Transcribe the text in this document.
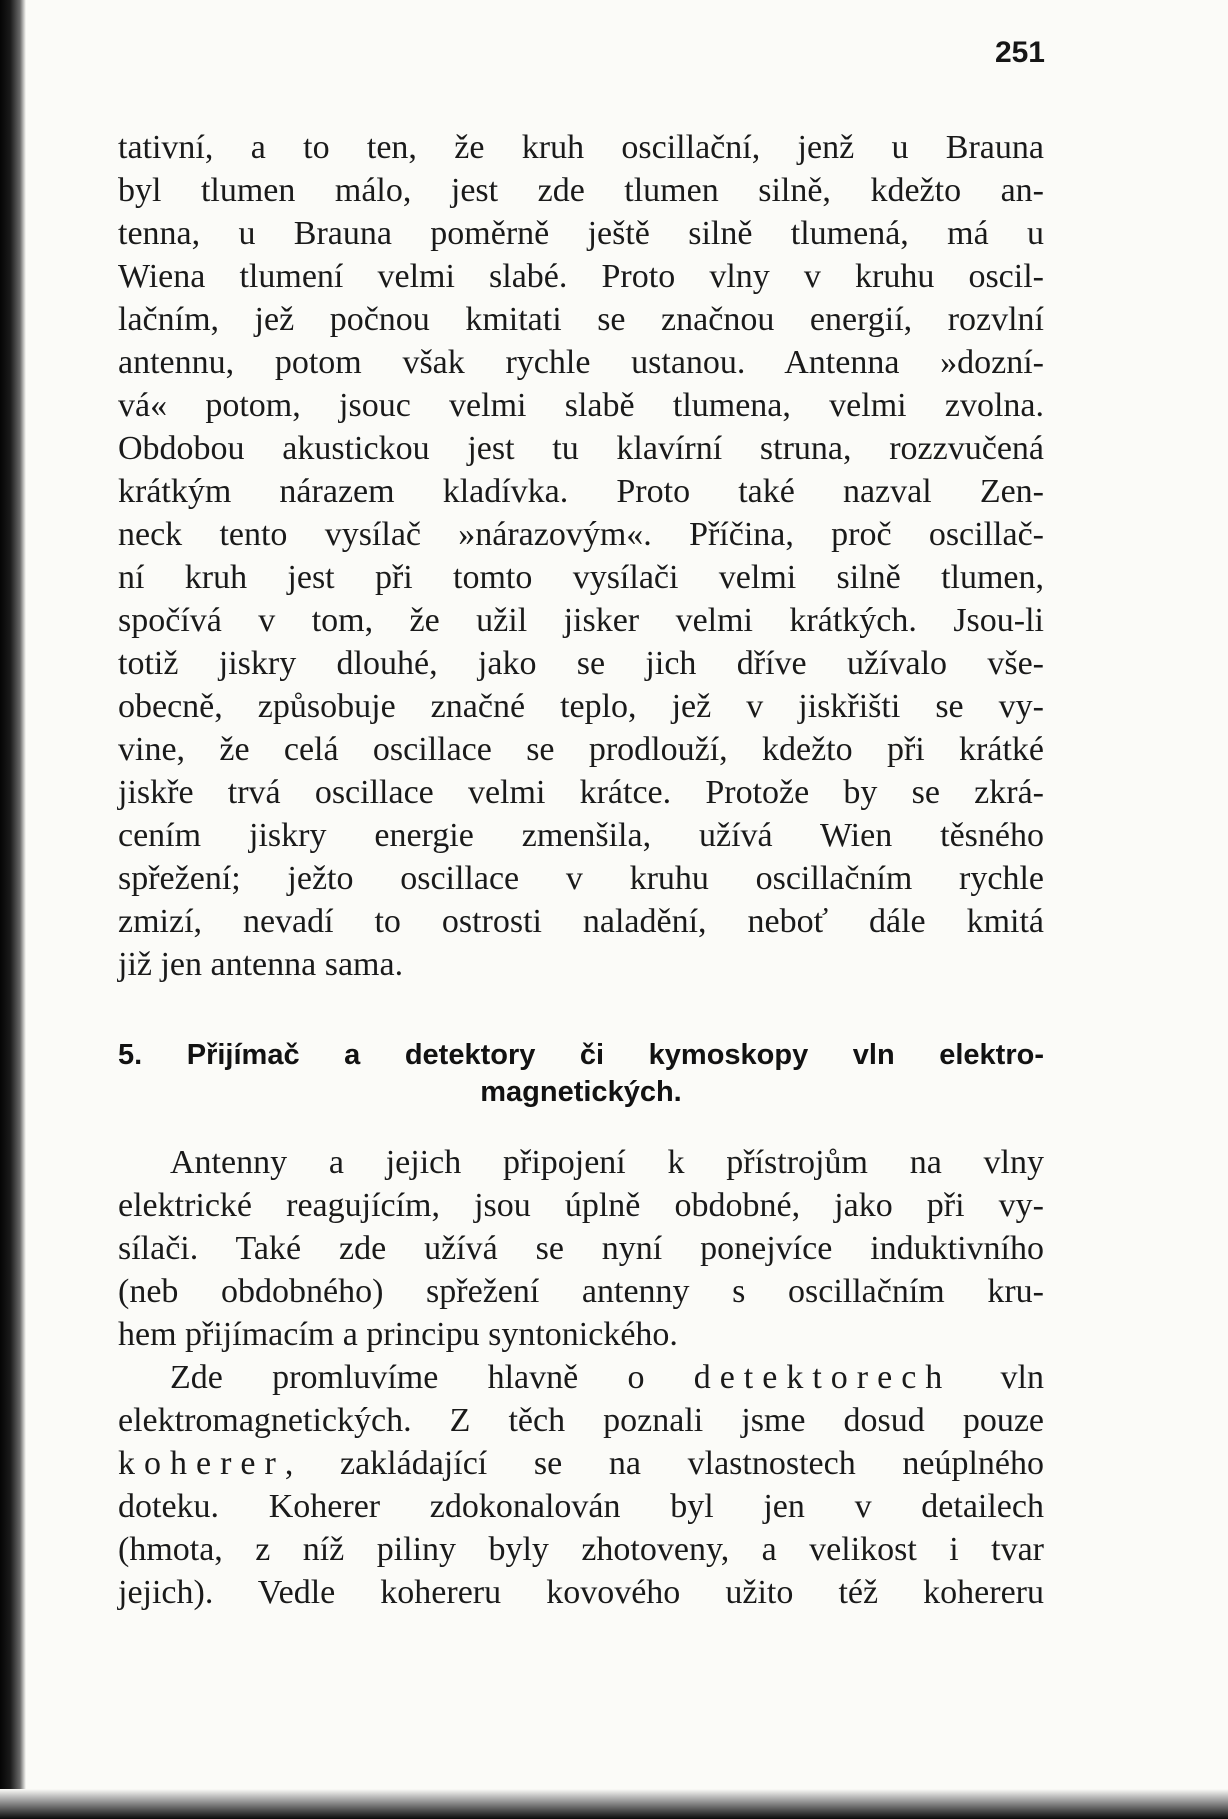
251
tativní, a to ten, že kruh oscillační, jenž u Brauna
byl tlumen málo, jest zde tlumen silně, kdežto an-
tenna, u Brauna poměrně ještě silně tlumená, má u
Wiena tlumení velmi slabé. Proto vlny v kruhu oscil-
lačním, jež počnou kmitati se značnou energií, rozvlní
antennu, potom však rychle ustanou. Antenna »dozní-
vá« potom, jsouc velmi slabě tlumena, velmi zvolna.
Obdobou akustickou jest tu klavírní struna, rozzvučená
krátkým nárazem kladívka. Proto také nazval Zen-
neck tento vysílač »nárazovým«. Příčina, proč oscillač-
ní kruh jest při tomto vysílači velmi silně tlumen,
spočívá v tom, že užil jisker velmi krátkých. Jsou-li
totiž jiskry dlouhé, jako se jich dříve užívalo vše-
obecně, způsobuje značné teplo, jež v jiskřišti se vy-
vine, že celá oscillace se prodlouží, kdežto při krátké
jiskře trvá oscillace velmi krátce. Protože by se zkrá-
cením jiskry energie zmenšila, užívá Wien těsného
spřežení; ježto oscillace v kruhu oscillačním rychle
zmizí, nevadí to ostrosti naladění, neboť dále kmitá
již jen antenna sama.
5. Přijímač a detektory či kymoskopy vln elektro-
magnetických.
Antenny a jejich připojení k přístrojům na vlny
elektrické reagujícím, jsou úplně obdobné, jako při vy-
sílači. Také zde užívá se nyní ponejvíce induktivního
(neb obdobného) spřežení antenny s oscillačním kru-
hem přijímacím a principu syntonického.
Zde promluvíme hlavně o detektorech vln
elektromagnetických. Z těch poznali jsme dosud pouze
koherer, zakládající se na vlastnostech neúplného
doteku. Koherer zdokonalován byl jen v detailech
(hmota, z níž piliny byly zhotoveny, a velikost i tvar
jejich). Vedle kohereru kovového užito též kohereru
